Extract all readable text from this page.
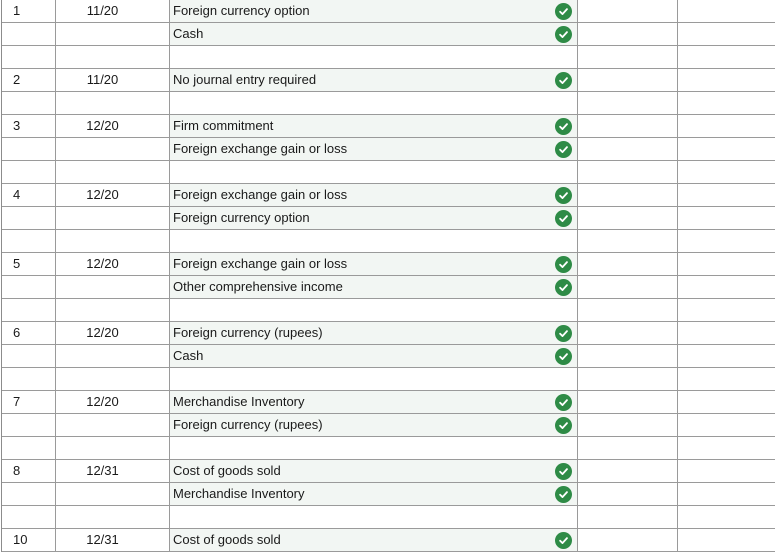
1	11/20	Foreign currency option
Cash
2	11/20	No journal entry required
3	12/20	Firm commitment
Foreign exchange gain or loss
4	12/20	Foreign exchange gain or loss
Foreign currency option
5	12/20	Foreign exchange gain or loss
Other comprehensive income
6	12/20	Foreign currency (rupees)
Cash
7	12/20	Merchandise Inventory
Foreign currency (rupees)
8	12/31	Cost of goods sold
Merchandise Inventory
10	12/31	Cost of goods sold
